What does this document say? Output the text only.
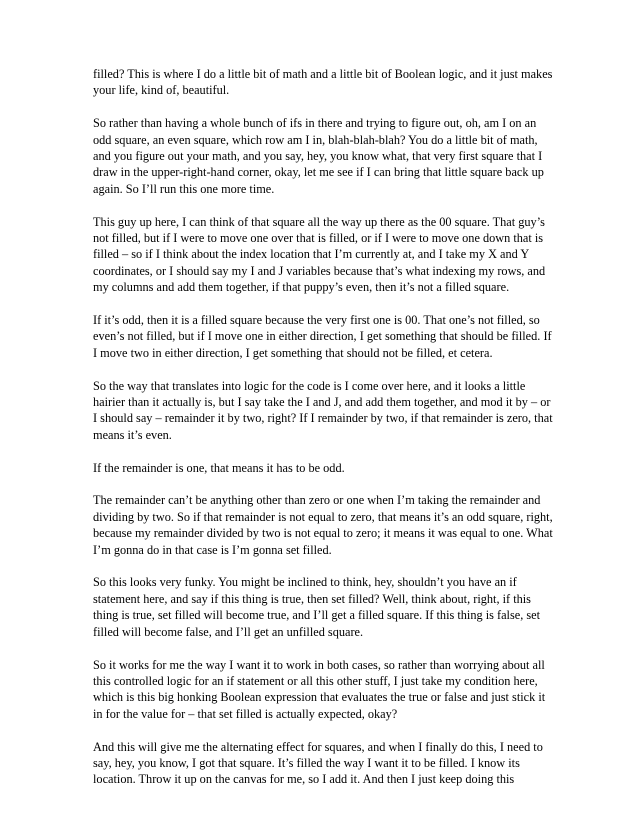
filled? This is where I do a little bit of math and a little bit of Boolean logic, and it just makes your life, kind of, beautiful.

So rather than having a whole bunch of ifs in there and trying to figure out, oh, am I on an odd square, an even square, which row am I in, blah-blah-blah? You do a little bit of math, and you figure out your math, and you say, hey, you know what, that very first square that I draw in the upper-right-hand corner, okay, let me see if I can bring that little square back up again. So I’ll run this one more time.

This guy up here, I can think of that square all the way up there as the 00 square. That guy’s not filled, but if I were to move one over that is filled, or if I were to move one down that is filled – so if I think about the index location that I’m currently at, and I take my X and Y coordinates, or I should say my I and J variables because that’s what indexing my rows, and my columns and add them together, if that puppy’s even, then it’s not a filled square.

If it’s odd, then it is a filled square because the very first one is 00. That one’s not filled, so even’s not filled, but if I move one in either direction, I get something that should be filled. If I move two in either direction, I get something that should not be filled, et cetera.

So the way that translates into logic for the code is I come over here, and it looks a little hairier than it actually is, but I say take the I and J, and add them together, and mod it by – or I should say – remainder it by two, right? If I remainder by two, if that remainder is zero, that means it’s even.

If the remainder is one, that means it has to be odd.

The remainder can’t be anything other than zero or one when I’m taking the remainder and dividing by two. So if that remainder is not equal to zero, that means it’s an odd square, right, because my remainder divided by two is not equal to zero; it means it was equal to one. What I’m gonna do in that case is I’m gonna set filled.

So this looks very funky. You might be inclined to think, hey, shouldn’t you have an if statement here, and say if this thing is true, then set filled? Well, think about, right, if this thing is true, set filled will become true, and I’ll get a filled square. If this thing is false, set filled will become false, and I’ll get an unfilled square.

So it works for me the way I want it to work in both cases, so rather than worrying about all this controlled logic for an if statement or all this other stuff, I just take my condition here, which is this big honking Boolean expression that evaluates the true or false and just stick it in for the value for – that set filled is actually expected, okay?

And this will give me the alternating effect for squares, and when I finally do this, I need to say, hey, you know, I got that square. It’s filled the way I want it to be filled. I know its location. Throw it up on the canvas for me, so I add it. And then I just keep doing this
